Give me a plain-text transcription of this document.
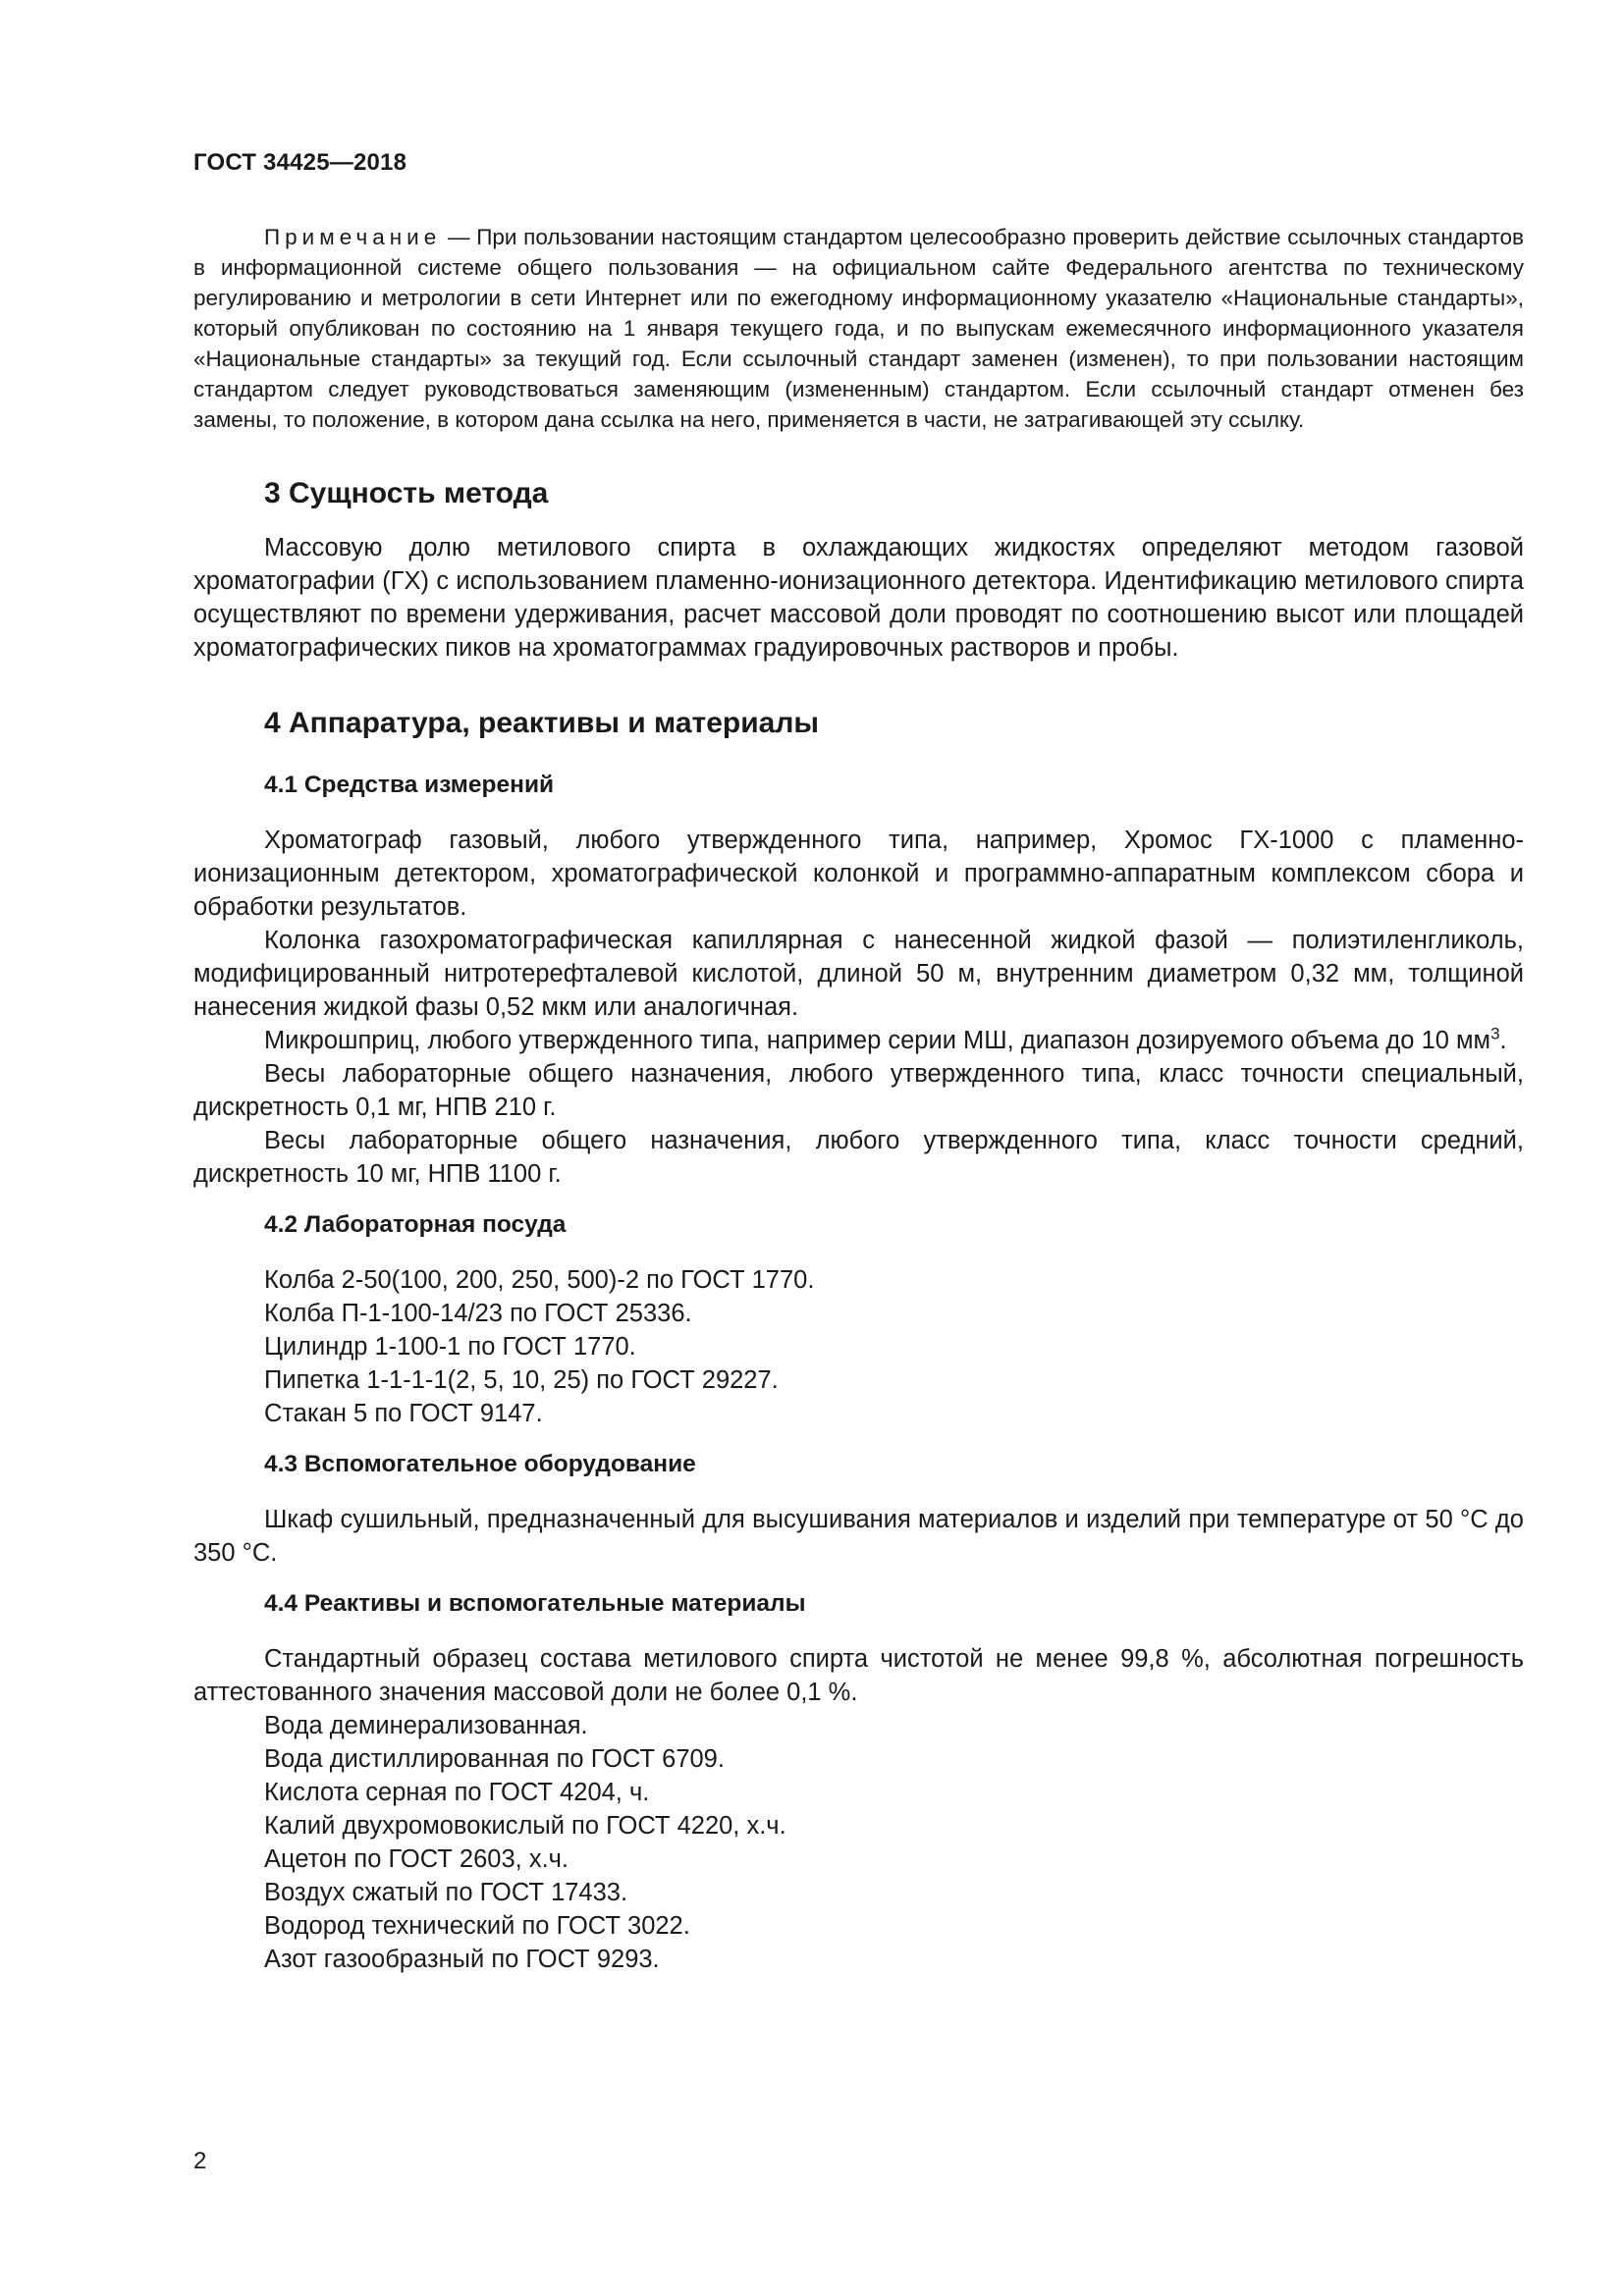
ГОСТ 34425—2018

Примечание — При пользовании настоящим стандартом целесообразно проверить действие ссылочных стандартов в информационной системе общего пользования — на официальном сайте Федерального агентства по техническому регулированию и метрологии в сети Интернет или по ежегодному информационному указателю «Национальные стандарты», который опубликован по состоянию на 1 января текущего года, и по выпускам ежемесячного информационного указателя «Национальные стандарты» за текущий год. Если ссылочный стандарт заменен (изменен), то при пользовании настоящим стандартом следует руководствоваться заменяющим (измененным) стандартом. Если ссылочный стандарт отменен без замены, то положение, в котором дана ссылка на него, применяется в части, не затрагивающей эту ссылку.

3 Сущность метода

Массовую долю метилового спирта в охлаждающих жидкостях определяют методом газовой хроматографии (ГХ) с использованием пламенно-ионизационного детектора. Идентификацию метилового спирта осуществляют по времени удерживания, расчет массовой доли проводят по соотношению высот или площадей хроматографических пиков на хроматограммах градуировочных растворов и пробы.

4 Аппаратура, реактивы и материалы
4.1 Средства измерений

Хроматограф газовый, любого утвержденного типа, например, Хромос ГХ-1000 с пламенно-ионизационным детектором, хроматографической колонкой и программно-аппаратным комплексом сбора и обработки результатов.

Колонка газохроматографическая капиллярная с нанесенной жидкой фазой — полиэтиленгликоль, модифицированный нитротерефталевой кислотой, длиной 50 м, внутренним диаметром 0,32 мм, толщиной нанесения жидкой фазы 0,52 мкм или аналогичная.

Микрошприц, любого утвержденного типа, например серии МШ, диапазон дозируемого объема до 10 $мм^3$.

Весы лабораторные общего назначения, любого утвержденного типа, класс точности специальный, дискретность 0,1 мг, НПВ 210 г.

Весы лабораторные общего назначения, любого утвержденного типа, класс точности средний, дискретность 10 мг, НПВ 1100 г.

4.2 Лабораторная посуда
Колба 2-50(100, 200, 250, 500)-2 по ГОСТ 1770.
Колба П-1-100-14/23 по ГОСТ 25336.
Цилиндр 1-100-1 по ГОСТ 1770.
Пипетка 1-1-1-1(2, 5, 10, 25) по ГОСТ 29227.
Стакан 5 по ГОСТ 9147.
4.3 Вспомогательное оборудование

Шкаф сушильный, предназначенный для высушивания материалов и изделий при температуре от 50 °С до 350 °С.

4.4 Реактивы и вспомогательные материалы

Стандартный образец состава метилового спирта чистотой не менее 99,8 %, абсолютная погрешность аттестованного значения массовой доли не более 0,1 %.

Вода деминерализованная.
Вода дистиллированная по ГОСТ 6709.
Кислота серная по ГОСТ 4204, ч.
Калий двухромовокислый по ГОСТ 4220, х.ч.
Ацетон по ГОСТ 2603, х.ч.
Воздух сжатый по ГОСТ 17433.
Водород технический по ГОСТ 3022.
Азот газообразный по ГОСТ 9293.
2
